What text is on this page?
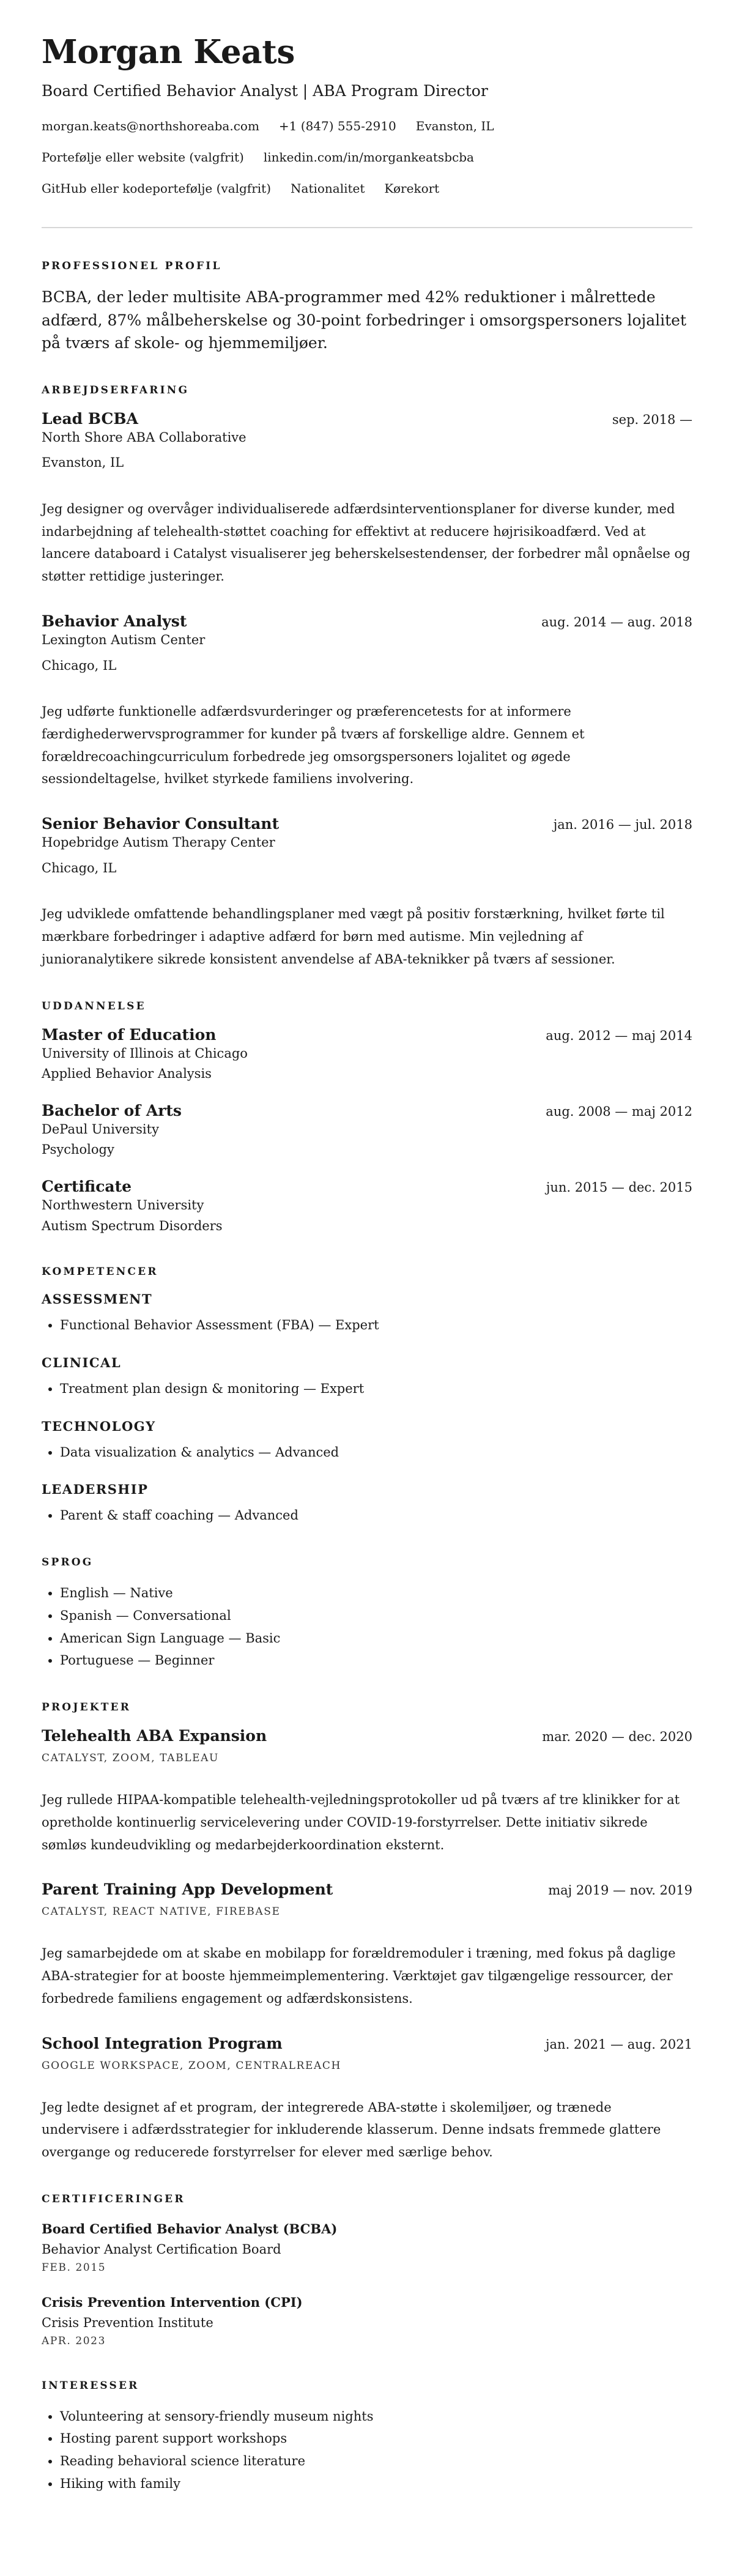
Morgan Keats
Board Certified Behavior Analyst | ABA Program Director
morgan.keats@northshoreaba.com +1 (847) 555-2910 Evanston, IL
Portefølje eller website (valgfrit) linkedin.com/in/morgankeatsbcba
GitHub eller kodeportefølje (valgfrit) Nationalitet Kørekort
PROFESSIONEL PROFIL

BCBA, der leder multisite ABA-programmer med 42% reduktioner i målrettede adfærd, 87% målbeherskelse og 30-point forbedringer i omsorgspersoners lojalitet på tværs af skole- og hjemmemiljøer.

ARBEJDSERFARING
Lead BCBA	sep. 2018 —
North Shore ABA Collaborative
Evanston, IL

Jeg designer og overvåger individualiserede adfærdsinterventionsplaner for diverse kunder, med indarbejdning af telehealth-støttet coaching for effektivt at reducere højrisikoadfærd. Ved at lancere databoard i Catalyst visualiserer jeg beherskelsestendenser, der forbedrer mål opnåelse og støtter rettidige justeringer.

Behavior Analyst	aug. 2014 — aug. 2018
Lexington Autism Center
Chicago, IL

Jeg udførte funktionelle adfærdsvurderinger og præferencetests for at informere færdighederwervsprogrammer for kunder på tværs af forskellige aldre. Gennem et forældrecoachingcurriculum forbedrede jeg omsorgspersoners lojalitet og øgede sessiondeltagelse, hvilket styrkede familiens involvering.

Senior Behavior Consultant	jan. 2016 — jul. 2018
Hopebridge Autism Therapy Center
Chicago, IL

Jeg udviklede omfattende behandlingsplaner med vægt på positiv forstærkning, hvilket førte til mærkbare forbedringer i adaptive adfærd for børn med autisme. Min vejledning af junioranalytikere sikrede konsistent anvendelse af ABA-teknikker på tværs af sessioner.

UDDANNELSE
Master of Education	aug. 2012 — maj 2014
University of Illinois at Chicago
Applied Behavior Analysis
Bachelor of Arts	aug. 2008 — maj 2012
DePaul University
Psychology
Certificate	jun. 2015 — dec. 2015
Northwestern University
Autism Spectrum Disorders
KOMPETENCER
ASSESSMENT
• Functional Behavior Assessment (FBA) — Expert
CLINICAL
• Treatment plan design & monitoring — Expert
TECHNOLOGY
• Data visualization & analytics — Advanced
LEADERSHIP
• Parent & staff coaching — Advanced
SPROG
• English — Native
• Spanish — Conversational
• American Sign Language — Basic
• Portuguese — Beginner
PROJEKTER
Telehealth ABA Expansion	mar. 2020 — dec. 2020
CATALYST, ZOOM, TABLEAU

Jeg rullede HIPAA-kompatible telehealth-vejledningsprotokoller ud på tværs af tre klinikker for at opretholde kontinuerlig servicelevering under COVID-19-forstyrrelser. Dette initiativ sikrede sømløs kundeudvikling og medarbejderkoordination eksternt.

Parent Training App Development	maj 2019 — nov. 2019
CATALYST, REACT NATIVE, FIREBASE

Jeg samarbejdede om at skabe en mobilapp for forældremoduler i træning, med fokus på daglige ABA-strategier for at booste hjemmeimplementering. Værktøjet gav tilgængelige ressourcer, der forbedrede familiens engagement og adfærdskonsistens.

School Integration Program	jan. 2021 — aug. 2021
GOOGLE WORKSPACE, ZOOM, CENTRALREACH

Jeg ledte designet af et program, der integrerede ABA-støtte i skolemiljøer, og trænede undervisere i adfærdsstrategier for inkluderende klasserum. Denne indsats fremmede glattere overgange og reducerede forstyrrelser for elever med særlige behov.

CERTIFICERINGER
Board Certified Behavior Analyst (BCBA)
Behavior Analyst Certification Board
FEB. 2015
Crisis Prevention Intervention (CPI)
Crisis Prevention Institute
APR. 2023
INTERESSER
• Volunteering at sensory-friendly museum nights
• Hosting parent support workshops
• Reading behavioral science literature
• Hiking with family
